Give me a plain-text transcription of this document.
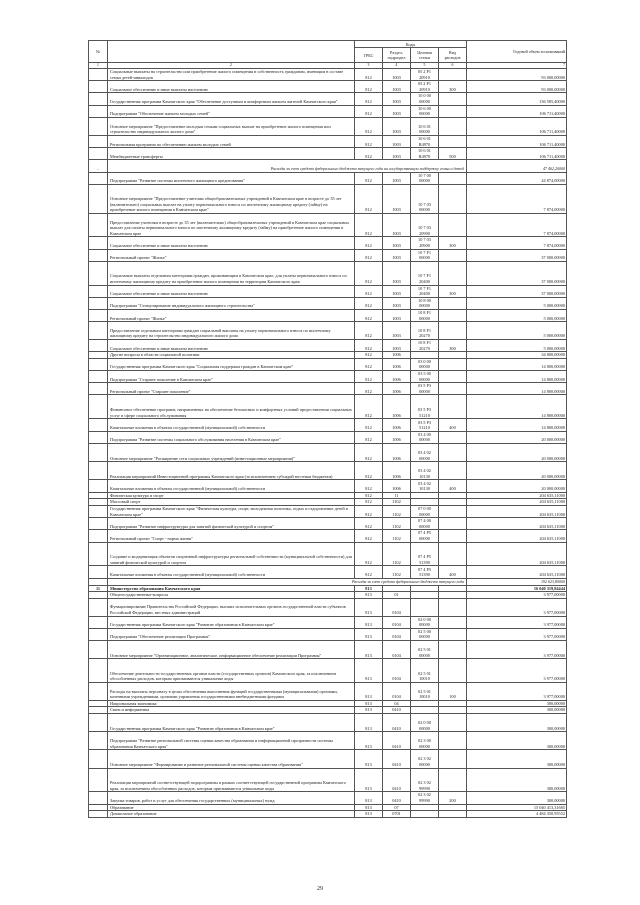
№		Коды				Годовой объем ассигнований
		ГРБС	Раздел, подраздел	Целевая статья	Вид расходов	
1	2	3	4	5	6	7
	Социальные выплаты на строительство или приобретение жилого помещения в собственность гражданам, имеющим в составе семьи детей-инвалидов	812	1003	05 2 P1 20910		93 000,00000
	Социальное обеспечение и иные выплаты населению	812	1003	05 2 P1 20910	300	93 000,00000
	Государственная программа Камчатского края "Обеспечение доступным и комфортным жильем жителей Камчатского края"	812	1003	10 0 00 00000		136 585,40000
	Подпрограмма "Обеспечение жильем молодых семей"	812	1003	10 6 00 00000		106 711,40000
	Основное мероприятие "Предоставление молодым семьям социальных выплат на приобретение жилого помещения или строительство индивидуального жилого дома"	812	1003	10 6 01 00000		106 711,40000
	Региональная программа по обеспечению жильем молодых семей	812	1003	10 6 01 R4970		106 711,40000
	Межбюджетные трансферты	812	1003	10 6 01 R4970	500	106 711,40000
–	Расходы за счет средств федерального бюджета текущего года на государственную поддержку семьи и детей					47 462,20000
	Подпрограмма "Развитие системы ипотечного жилищного кредитования"	812	1003	10 7 00 00000		44 874,00000
	Основное мероприятие "Предоставление учителям общеобразовательных учреждений в Камчатском крае в возрасте до 35 лет (включительно) социальных выплат на уплату первоначального взноса по ипотечному жилищному кредиту (займу) на приобретение жилого помещения в Камчатском крае"	812	1003	10 7 03 00000		7 874,00000
	Предоставление учителям в возрасте до 35 лет (включительно) общеобразовательных учреждений в Камчатском крае социальных выплат для оплаты первоначального взноса по ипотечному жилищному кредиту (займу) на приобретение жилого помещения в Камчатском крае	812	1003	10 7 03 20900		7 874,00000
	Социальное обеспечение и иные выплаты населению	812	1003	10 7 03 20900	300	7 874,00000
	Региональный проект "Жилье"	812	1003	10 7 F1 00000		37 000,00000
	Социальные выплаты отдельным категориям граждан, проживающим в Камчатском крае, для уплаты первоначального взноса по ипотечному жилищному кредиту на приобретение жилого помещения на территории Камчатского края	812	1003	10 7 F1 20400		37 000,00000
	Социальное обеспечение и иные выплаты населению	812	1003	10 7 F1 20400	300	37 000,00000
	Подпрограмма "Стимулирование индивидуального жилищного строительства"	812	1003	10 8 00 00000		5 000,00000
	Региональный проект "Жилье"	812	1003	10 8 F1 00000		5 000,00000
	Предоставление отдельным категориям граждан социальной выплаты на уплату первоначального взноса по ипотечному жилищному кредиту на строительство индивидуального жилого дома	812	1003	10 8 F1 20270		5 000,00000
	Социальное обеспечение и иные выплаты населению	812	1003	10 8 F1 20270	300	5 000,00000
	Другие вопросы в области социальной политики	812	1006			34 800,00000
	Государственная программа Камчатского края "Социальная поддержка граждан в Камчатском крае"	812	1006	03 0 00 00000		14 800,00000
	Подпрограмма "Старшее поколение в Камчатском крае"	812	1006	03 5 00 00000		14 800,00000
	Региональный проект "Старшее поколение"	812	1006	03 5 P3 00000		14 800,00000
	Финансовое обеспечение программ, направленных на обеспечение безопасных и комфортных условий предоставления социальных услуг в сфере социального обслуживания	812	1006	03 5 P3 51210		14 800,00000
	Капитальные вложения в объекты государственной (муниципальной) собственности	812	1006	03 5 P3 51210	400	14 800,00000
	Подпрограмма "Развитие системы социального обслуживания населения в Камчатском крае"	812	1006	03 4 00 00000		20 000,00000
	Основное мероприятие "Расширение сети социальных учреждений (инвестиционные мероприятия)"	812	1006	03 4 02 00000		20 000,00000
	Реализация мероприятий Инвестиционной программы Камчатского края (за исключением субсидий местным бюджетам)	812	1006	03 4 02 10130		20 000,00000
	Капитальные вложения в объекты государственной (муниципальной) собственности	812	1006	03 4 02 10130	400	20 000,00000
	Физическая культура и спорт	812	11			204 635,11000
	Массовый спорт	812	1102			204 635,11000
	Государственная программа Камчатского края "Физическая культура, спорт, молодежная политика, отдых и оздоровление детей в Камчатском крае"	812	1102	07 0 00 00000		204 635,11000
	Подпрограмма "Развитие инфраструктуры для занятий физической культурой и спортом"	812	1102	07 4 00 00000		204 635,11000
	Региональный проект "Спорт - норма жизни"	812	1102	07 4 P5 00000		204 635,11000
	Создание и модернизация объектов спортивной инфраструктуры региональной собственности (муниципальной собственности) для занятий физической культурой и спортом	812	1102	07 4 P5 51390		204 635,11000
	Капитальные вложения в объекты государственной (муниципальной) собственности	812	1102	07 4 P5 51390	400	204 635,11000
	Расходы за счет средств федерального бюджета текущего года					192 623,80000
11	Министерство образования Камчатского края	813				16 040 319,84444
	Общегосударственные вопросы	813	01			3 977,00000
	Функционирование Правительства Российской Федерации, высших исполнительных органов государственной власти субъектов Российской Федерации, местных администраций	813	0104			3 977,00000
	Государственная программа Камчатского края "Развитие образования в Камчатском крае"	813	0104	02 0 00 00000		3 977,00000
	Подпрограмма "Обеспечение реализации Программы"	813	0104	02 5 00 00000		3 977,00000
	Основное мероприятие "Организационное, аналитическое, информационное обеспечение реализации Программы"	813	0104	02 5 01 00000		3 977,00000
	Обеспечение деятельности государственных органов власти (государственных органов) Камчатского края, за исключением обособленных расходов, которым присваиваются уникальные коды	813	0104	02 5 01 10010		3 977,00000
	Расходы на выплаты персоналу в целях обеспечения выполнения функций государственными (муниципальными) органами, казенными учреждениями, органами управления государственными внебюджетными фондами	813	0104	02 5 01 10010	100	3 977,00000
	Национальная экономика	813	04			300,00000
	Связь и информатика	813	0410			300,00000
	Государственная программа Камчатского края "Развитие образования в Камчатском крае"	813	0410	02 0 00 00000		300,00000
	Подпрограмма "Развитие региональной системы оценки качества образования и информационной прозрачности системы образования Камчатского края"	813	0410	02 3 00 00000		300,00000
	Основное мероприятие "Формирование и развитие региональной системы оценки качества образования"	813	0410	02 3 02 00000		300,00000
	Реализация мероприятий соответствующей подпрограммы в рамках соответствующей государственной программы Камчатского края, за исключением обособленных расходов, которым присваиваются уникальные коды	813	0410	02 3 02 99990		300,00000
	Закупка товаров, работ и услуг для обеспечения государственных (муниципальных) нужд	813	0410	02 3 02 99990	200	300,00000
	Образование	813	07			15 040 413,31665
	Дошкольное образование	813	0701			4 484 350,95552
29
